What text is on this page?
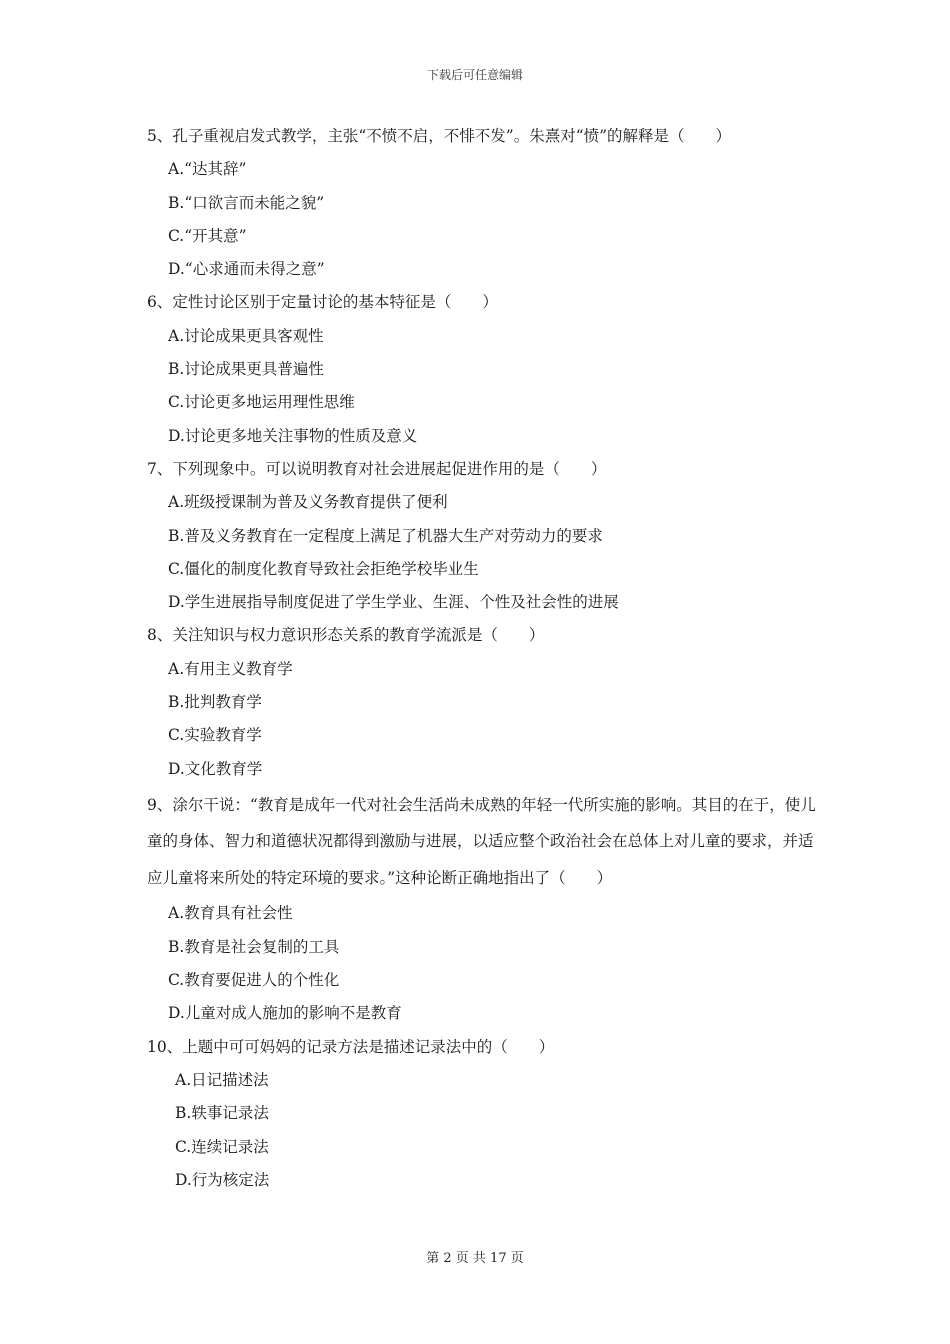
下载后可任意编辑

5、孔子重视启发式教学，主张“不愤不启，不悱不发”。朱熹对“愤”的解释是（　　）

A.“达其辞”

B.“口欲言而未能之貌”

C.“开其意”

D.“心求通而未得之意”

6、定性讨论区别于定量讨论的基本特征是（　　）

A.讨论成果更具客观性

B.讨论成果更具普遍性

C.讨论更多地运用理性思维

D.讨论更多地关注事物的性质及意义

7、下列现象中。可以说明教育对社会进展起促进作用的是（　　）

A.班级授课制为普及义务教育提供了便利

B.普及义务教育在一定程度上满足了机器大生产对劳动力的要求

C.僵化的制度化教育导致社会拒绝学校毕业生

D.学生进展指导制度促进了学生学业、生涯、个性及社会性的进展

8、关注知识与权力意识形态关系的教育学流派是（　　）

A.有用主义教育学

B.批判教育学

C.实验教育学

D.文化教育学

9、涂尔干说：“教育是成年一代对社会生活尚未成熟的年轻一代所实施的影响。其目的在于，使儿童的身体、智力和道德状况都得到激励与进展，以适应整个政治社会在总体上对儿童的要求，并适应儿童将来所处的特定环境的要求。”这种论断正确地指出了（　　）

A.教育具有社会性

B.教育是社会复制的工具

C.教育要促进人的个性化

D.儿童对成人施加的影响不是教育

10、上题中可可妈妈的记录方法是描述记录法中的（　　）

A.日记描述法

B.轶事记录法

C.连续记录法

D.行为核定法

第 2 页 共 17 页
